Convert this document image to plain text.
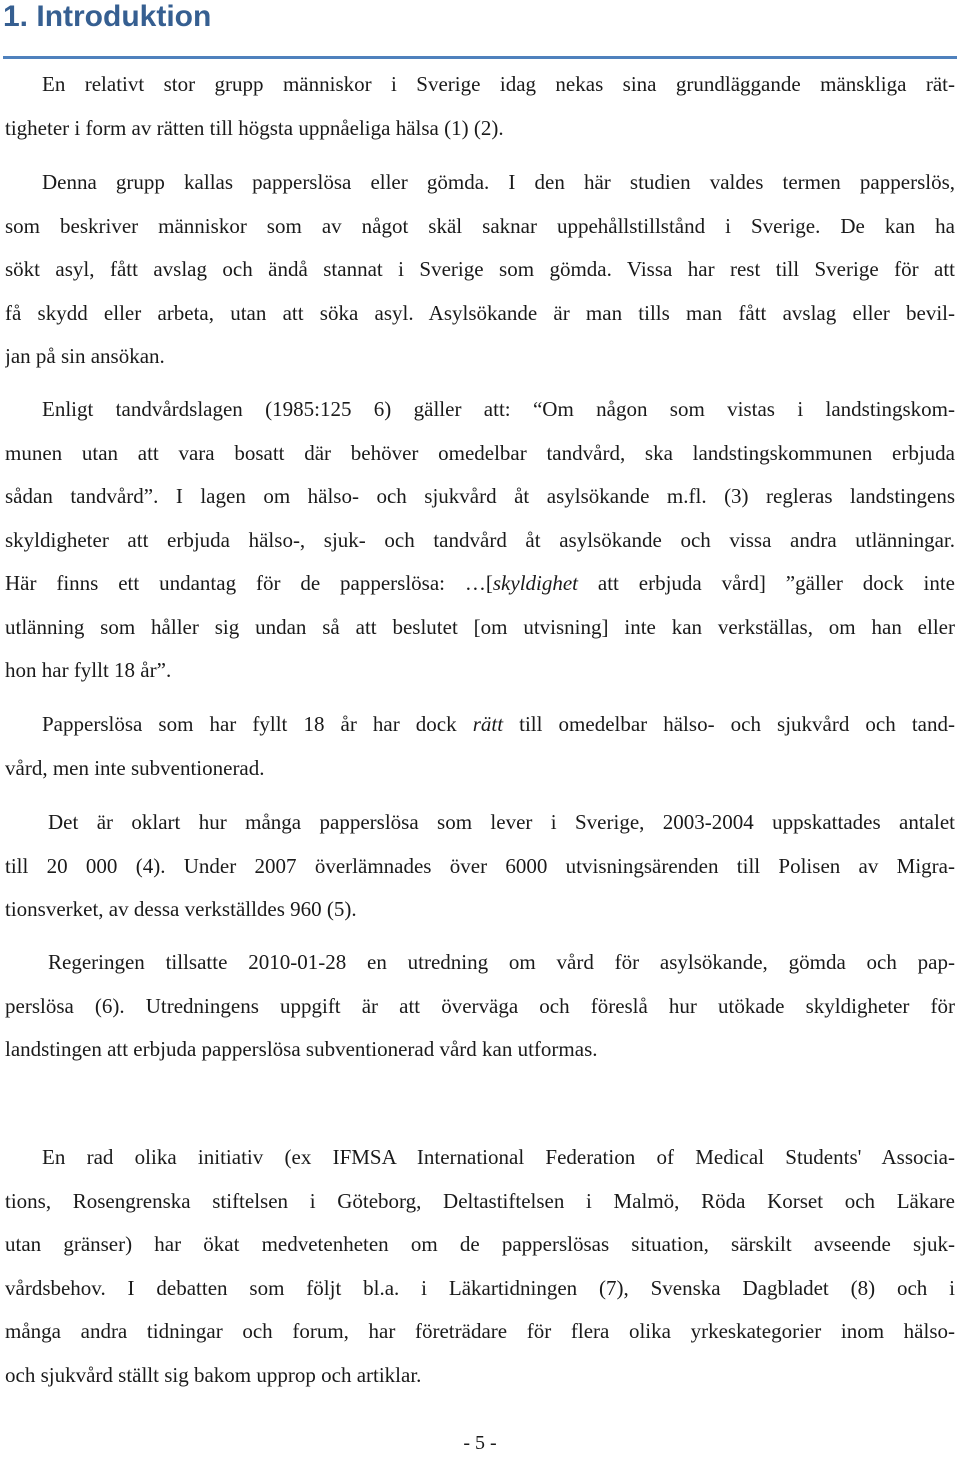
1. Introduktion
En relativt stor grupp människor i Sverige idag nekas sina grundläggande mänskliga rät-
tigheter i form av rätten till högsta uppnåeliga hälsa (1) (2).
Denna grupp kallas papperslösa eller gömda. I den här studien valdes termen papperslös,
som beskriver människor som av något skäl saknar uppehållstillstånd i Sverige. De kan ha
sökt asyl, fått avslag och ändå stannat i Sverige som gömda. Vissa har rest till Sverige för att
få skydd eller arbeta, utan att söka asyl. Asylsökande är man tills man fått avslag eller bevil-
jan på sin ansökan.
Enligt tandvårdslagen (1985:125 6) gäller att: “Om någon som vistas i landstingskom-
munen utan att vara bosatt där behöver omedelbar tandvård, ska landstingskommunen erbjuda
sådan tandvård”. I lagen om hälso- och sjukvård åt asylsökande m.fl. (3) regleras landstingens
skyldigheter att erbjuda hälso-, sjuk- och tandvård åt asylsökande och vissa andra utlänningar.
Här finns ett undantag för de papperslösa: …[skyldighet att erbjuda vård] ”gäller dock inte
utlänning som håller sig undan så att beslutet [om utvisning] inte kan verkställas, om han eller
hon har fyllt 18 år”.
Papperslösa som har fyllt 18 år har dock rätt till omedelbar hälso- och sjukvård och tand-
vård, men inte subventionerad.
Det är oklart hur många papperslösa som lever i Sverige, 2003-2004 uppskattades antalet
till 20 000 (4). Under 2007 överlämnades över 6000 utvisningsärenden till Polisen av Migra-
tionsverket, av dessa verkställdes 960 (5).
Regeringen tillsatte 2010-01-28 en utredning om vård för asylsökande, gömda och pap-
perslösa (6). Utredningens uppgift är att överväga och föreslå hur utökade skyldigheter för
landstingen att erbjuda papperslösa subventionerad vård kan utformas.
En rad olika initiativ (ex IFMSA International Federation of Medical Students' Associa-
tions, Rosengrenska stiftelsen i Göteborg, Deltastiftelsen i Malmö, Röda Korset och Läkare
utan gränser) har ökat medvetenheten om de papperslösas situation, särskilt avseende sjuk-
vårdsbehov. I debatten som följt bl.a. i Läkartidningen (7), Svenska Dagbladet (8) och i
många andra tidningar och forum, har företrädare för flera olika yrkeskategorier inom hälso-
och sjukvård ställt sig bakom upprop och artiklar.

- 5 -
